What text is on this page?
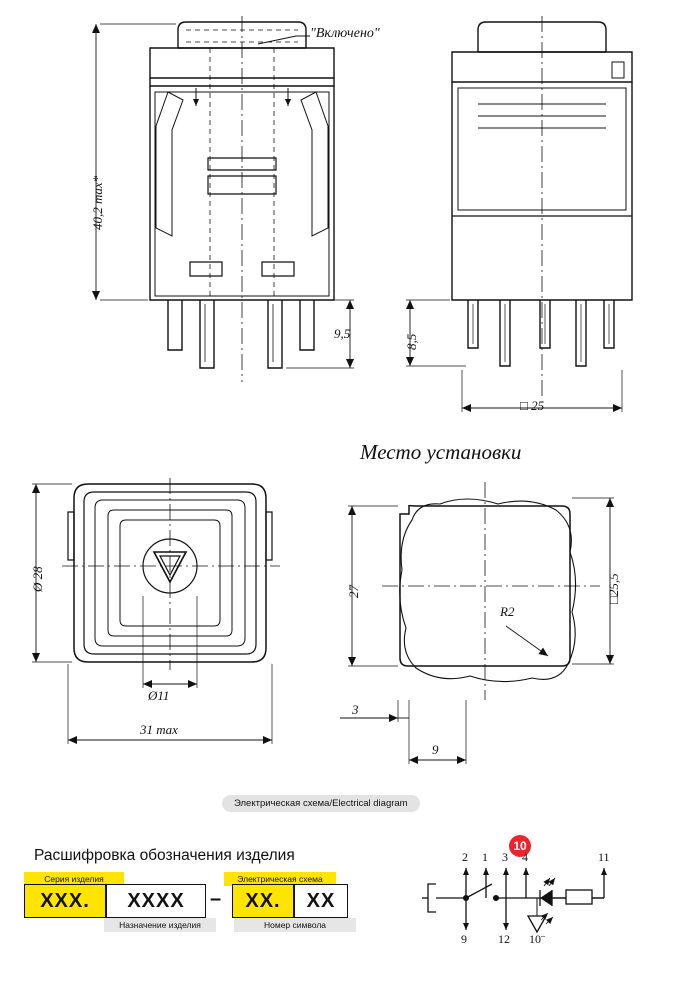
"Включено"
40,2 max*
9,5
8,5
□ 25
Место установки
Ø 28
Ø11
31 max
27	□25,5
R2
3
9
Электрическая схема/Electrical diagram
10
2 1 3 4	11
9	12 10¨
Расшифровка обозначения изделия
Серия изделия	Электрическая схема
XXX.	XXXX	–	XX.	XX
Назначение изделия	Номер символа
